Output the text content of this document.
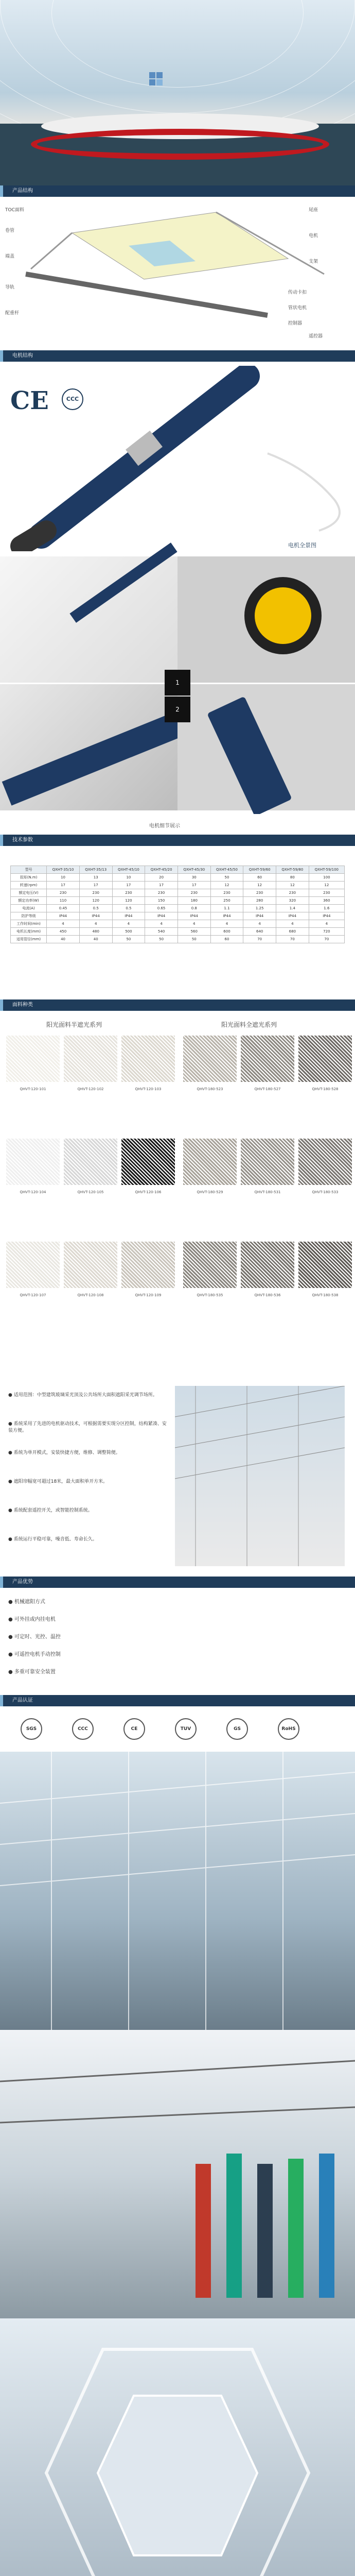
产品结构
TOC面料
卷管
端盖
导轨
配重杆
尾座
电机
支架
传动卡扣
管状电机
控制器
遥控器
电机结构
CE	CCC
电机全景图
1
2
电机细节展示
技术参数
型号	QXHT-35/10	QXHT-35/13	QXHT-45/10	QXHT-45/20	QXHT-45/30	QXHT-45/50	QXHT-59/60	QXHT-59/80	QXHT-59/100
扭矩(N.m)	10	13	10	20	30	50	60	80	100
转速(rpm)	17	17	17	17	17	12	12	12	12
额定电压(V)	230	230	230	230	230	230	230	230	230
额定功率(W)	110	120	120	150	180	250	280	320	360
电流(A)	0.45	0.5	0.5	0.65	0.8	1.1	1.25	1.4	1.6
防护等级	IP44	IP44	IP44	IP44	IP44	IP44	IP44	IP44	IP44
工作时间(min)	4	4	4	4	4	4	4	4	4
电机长度(mm)	450	480	500	540	560	600	640	680	720
适用管径(mm)	40	40	50	50	50	60	70	70	70
面料种类
阳光面料半遮光系列	阳光面料全遮光系列
QHVT-120-101	QHVT-120-102	QHVT-120-103	QHVT-180-523	QHVT-180-527	QHVT-180-528
QHVT-120-104	QHVT-120-105	QHVT-120-106	QHVT-180-529	QHVT-180-531	QHVT-180-533
QHVT-120-107	QHVT-120-108	QHVT-120-109	QHVT-180-535	QHVT-180-536	QHVT-180-538
● 适用范围：中型建筑玻璃采光顶及公共场所大面积遮阳采光调节场所。
● 系统采用了先进的电机驱动技术，可根据需要实现分区控制，结构紧凑、安装方便。
● 系统为单开模式，安装快捷方便，维修、调整简便。
● 遮阳帘幅宽可超过18米，最大面积单开方米。
● 系统配套遥控开关，或智能控制系统。
● 系统运行平稳可靠，噪音低、寿命长久。
产品优势
● 机械遮阳方式
● 可外挂或内挂电机
● 可定时、光控、温控
● 可遥控电机手动控制
● 多重可靠安全装置
产品认证
SGS	CCC	CE	TUV	GS	RoHS
